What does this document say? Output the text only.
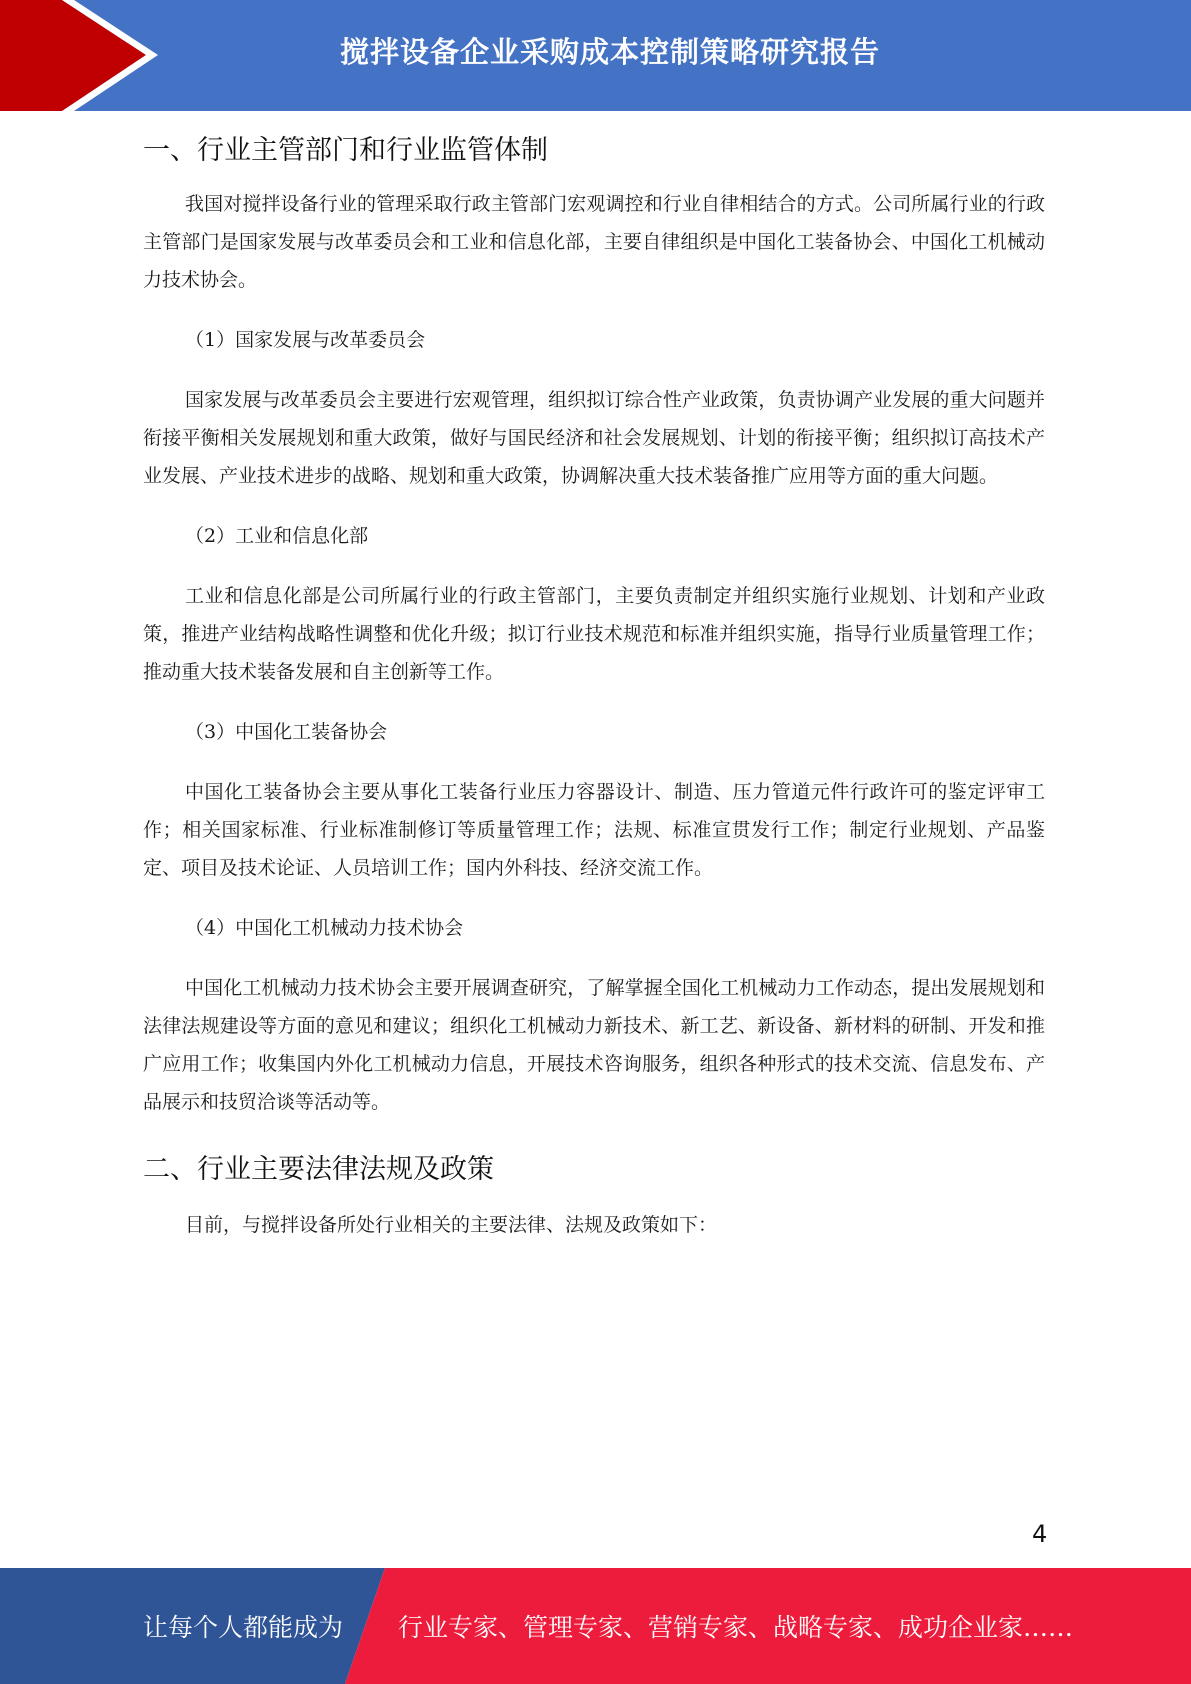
搅拌设备企业采购成本控制策略研究报告
一、行业主管部门和行业监管体制

我国对搅拌设备行业的管理采取行政主管部门宏观调控和行业自律相结合的方式。公司所属行业的行政主管部门是国家发展与改革委员会和工业和信息化部，主要自律组织是中国化工装备协会、中国化工机械动力技术协会。

（1）国家发展与改革委员会

国家发展与改革委员会主要进行宏观管理，组织拟订综合性产业政策，负责协调产业发展的重大问题并衔接平衡相关发展规划和重大政策，做好与国民经济和社会发展规划、计划的衔接平衡；组织拟订高技术产业发展、产业技术进步的战略、规划和重大政策，协调解决重大技术装备推广应用等方面的重大问题。

（2）工业和信息化部

工业和信息化部是公司所属行业的行政主管部门，主要负责制定并组织实施行业规划、计划和产业政策，推进产业结构战略性调整和优化升级；拟订行业技术规范和标准并组织实施，指导行业质量管理工作；推动重大技术装备发展和自主创新等工作。

（3）中国化工装备协会

中国化工装备协会主要从事化工装备行业压力容器设计、制造、压力管道元件行政许可的鉴定评审工作；相关国家标准、行业标准制修订等质量管理工作；法规、标准宣贯发行工作；制定行业规划、产品鉴定、项目及技术论证、人员培训工作；国内外科技、经济交流工作。

（4）中国化工机械动力技术协会

中国化工机械动力技术协会主要开展调查研究，了解掌握全国化工机械动力工作动态，提出发展规划和法律法规建设等方面的意见和建议；组织化工机械动力新技术、新工艺、新设备、新材料的研制、开发和推广应用工作；收集国内外化工机械动力信息，开展技术咨询服务，组织各种形式的技术交流、信息发布、产品展示和技贸洽谈等活动等。

二、行业主要法律法规及政策

目前，与搅拌设备所处行业相关的主要法律、法规及政策如下：

4
让每个人都能成为 行业专家、管理专家、营销专家、战略专家、成功企业家……
